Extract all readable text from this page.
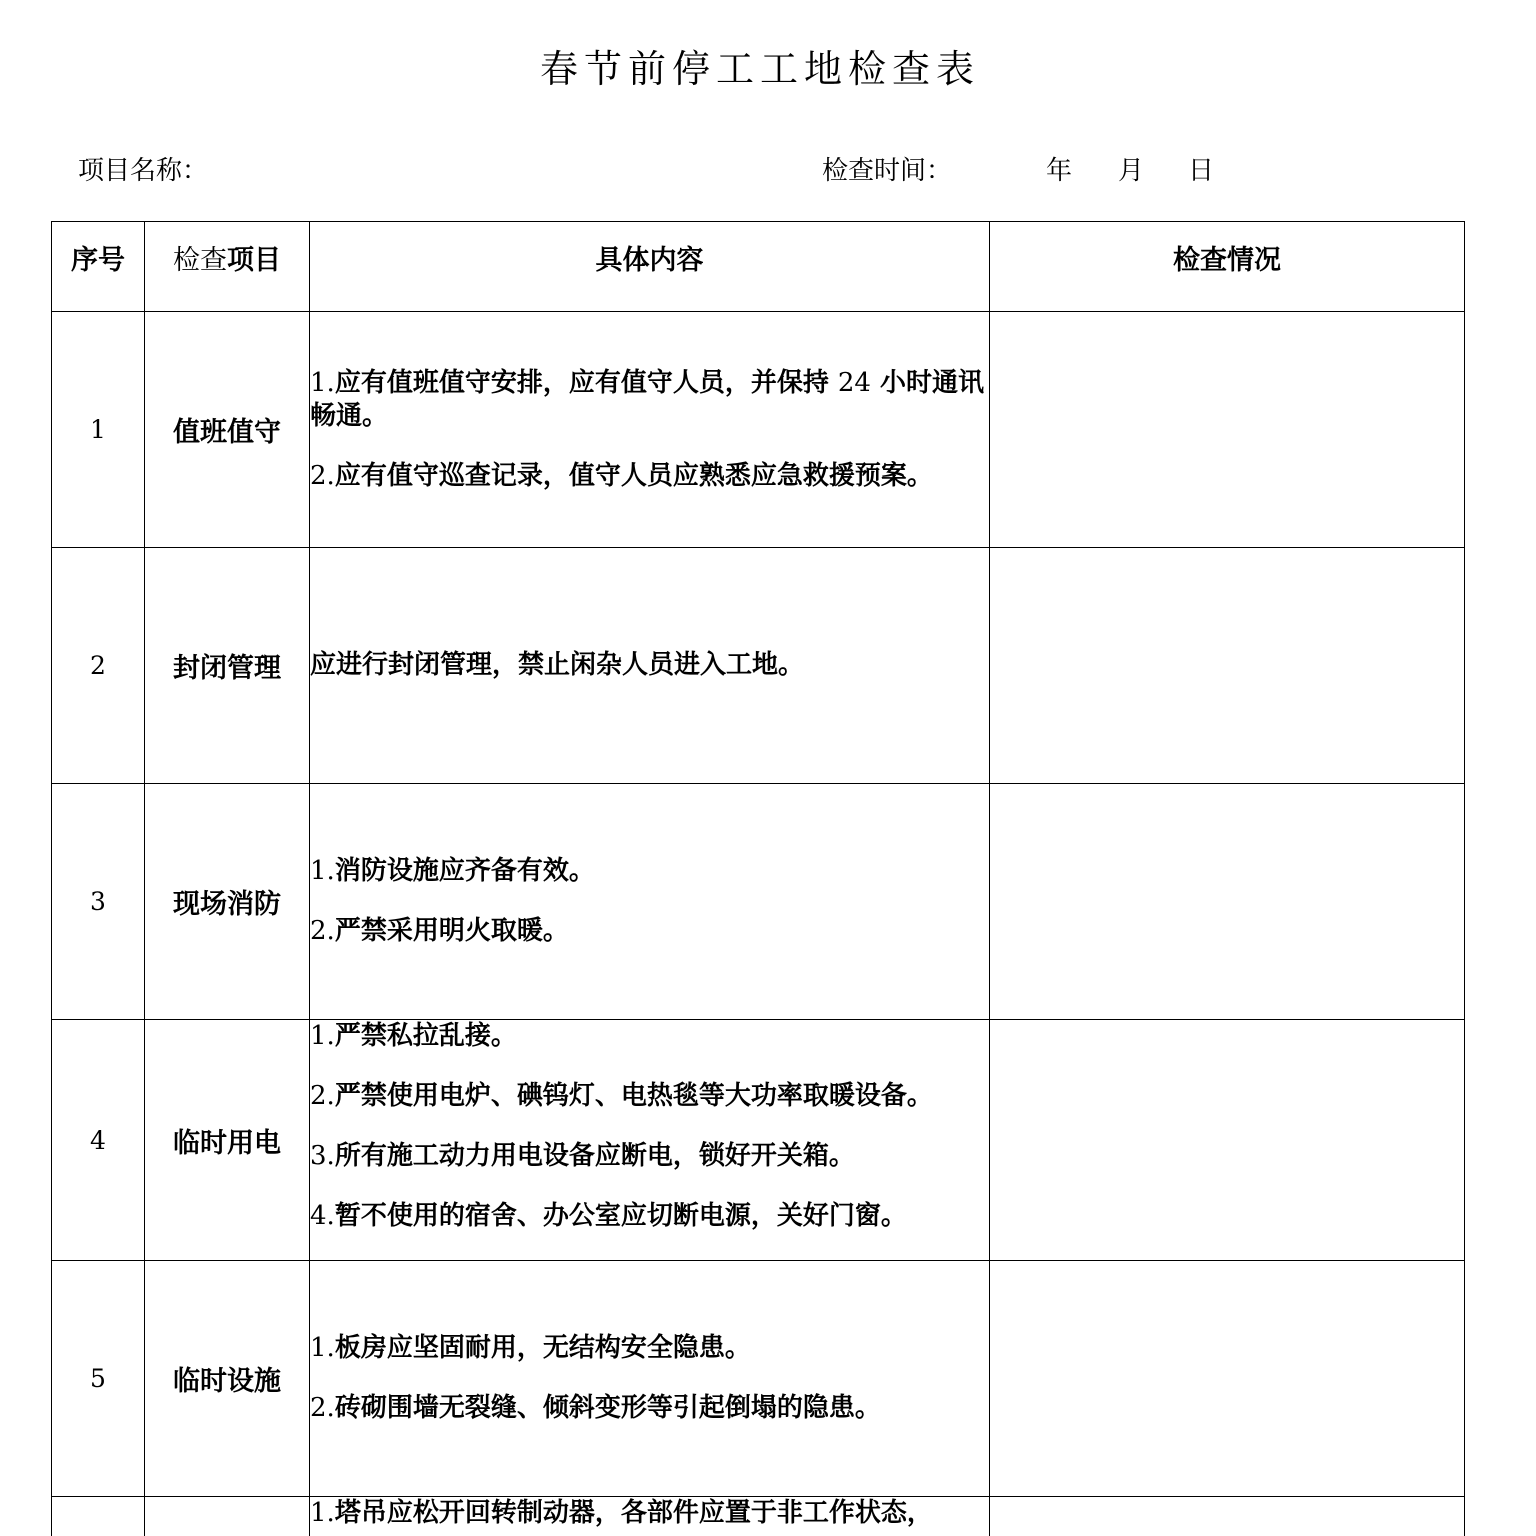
春节前停工工地检查表
项目名称：	检查时间：	年 月 日
序号	检查项目	具体内容	检查情况
1	值班值守	1.应有值班值守安排，应有值守人员，并保持 24 小时通讯畅通。
2.应有值守巡查记录，值守人员应熟悉应急救援预案。	

2	封闭管理	应进行封闭管理，禁止闲杂人员进入工地。	

3	现场消防	1.消防设施应齐备有效。
2.严禁采用明火取暖。	

4	临时用电	1.严禁私拉乱接。
2.严禁使用电炉、碘钨灯、电热毯等大功率取暖设备。
3.所有施工动力用电设备应断电，锁好开关箱。
4.暂不使用的宿舍、办公室应切断电源，关好门窗。	

5	临时设施	1.板房应坚固耐用，无结构安全隐患。
2.砖砌围墙无裂缝、倾斜变形等引起倒塌的隐患。	

		1.塔吊应松开回转制动器，各部件应置于非工作状态，	
